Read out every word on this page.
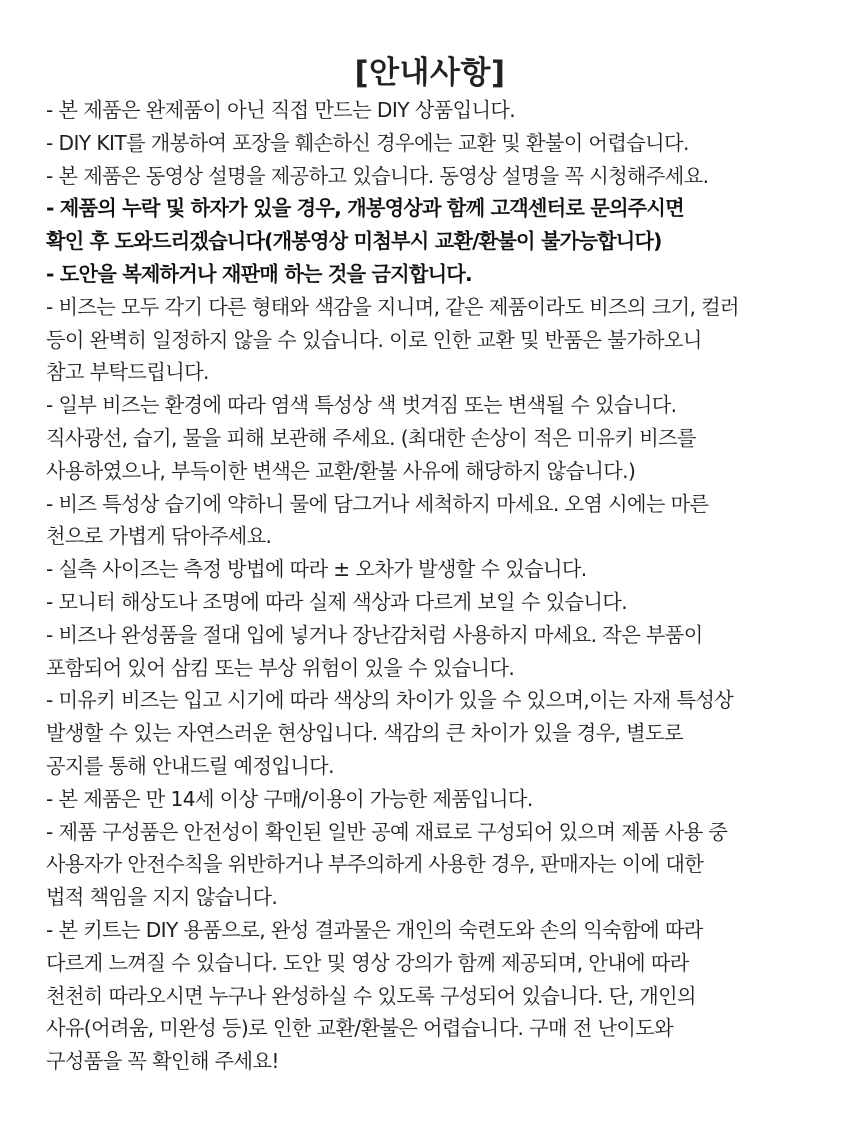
[안내사항]
- 본 제품은 완제품이 아닌 직접 만드는 DIY 상품입니다.
- DIY KIT를 개봉하여 포장을 훼손하신 경우에는 교환 및 환불이 어렵습니다.
- 본 제품은 동영상 설명을 제공하고 있습니다. 동영상 설명을 꼭 시청해주세요.
- 제품의 누락 및 하자가 있을 경우, 개봉영상과 함께 고객센터로 문의주시면
확인 후 도와드리겠습니다(개봉영상 미첨부시 교환/환불이 불가능합니다)
- 도안을 복제하거나 재판매 하는 것을 금지합니다.
- 비즈는 모두 각기 다른 형태와 색감을 지니며, 같은 제품이라도 비즈의 크기, 컬러
등이 완벽히 일정하지 않을 수 있습니다. 이로 인한 교환 및 반품은 불가하오니
참고 부탁드립니다.
- 일부 비즈는 환경에 따라 염색 특성상 색 벗겨짐 또는 변색될 수 있습니다.
직사광선, 습기, 물을 피해 보관해 주세요. (최대한 손상이 적은 미유키 비즈를
사용하였으나, 부득이한 변색은 교환/환불 사유에 해당하지 않습니다.)
- 비즈 특성상 습기에 약하니 물에 담그거나 세척하지 마세요. 오염 시에는 마른
천으로 가볍게 닦아주세요.
- 실측 사이즈는 측정 방법에 따라 ± 오차가 발생할 수 있습니다.
- 모니터 해상도나 조명에 따라 실제 색상과 다르게 보일 수 있습니다.
- 비즈나 완성품을 절대 입에 넣거나 장난감처럼 사용하지 마세요. 작은 부품이
포함되어 있어 삼킴 또는 부상 위험이 있을 수 있습니다.
- 미유키 비즈는 입고 시기에 따라 색상의 차이가 있을 수 있으며,이는 자재 특성상
발생할 수 있는 자연스러운 현상입니다. 색감의 큰 차이가 있을 경우, 별도로
공지를 통해 안내드릴 예정입니다.
- 본 제품은 만 14세 이상 구매/이용이 가능한 제품입니다.
- 제품 구성품은 안전성이 확인된 일반 공예 재료로 구성되어 있으며 제품 사용 중
사용자가 안전수칙을 위반하거나 부주의하게 사용한 경우, 판매자는 이에 대한
법적 책임을 지지 않습니다.
- 본 키트는 DIY 용품으로, 완성 결과물은 개인의 숙련도와 손의 익숙함에 따라
다르게 느껴질 수 있습니다. 도안 및 영상 강의가 함께 제공되며, 안내에 따라
천천히 따라오시면 누구나 완성하실 수 있도록 구성되어 있습니다. 단, 개인의
사유(어려움, 미완성 등)로 인한 교환/환불은 어렵습니다. 구매 전 난이도와
구성품을 꼭 확인해 주세요!
